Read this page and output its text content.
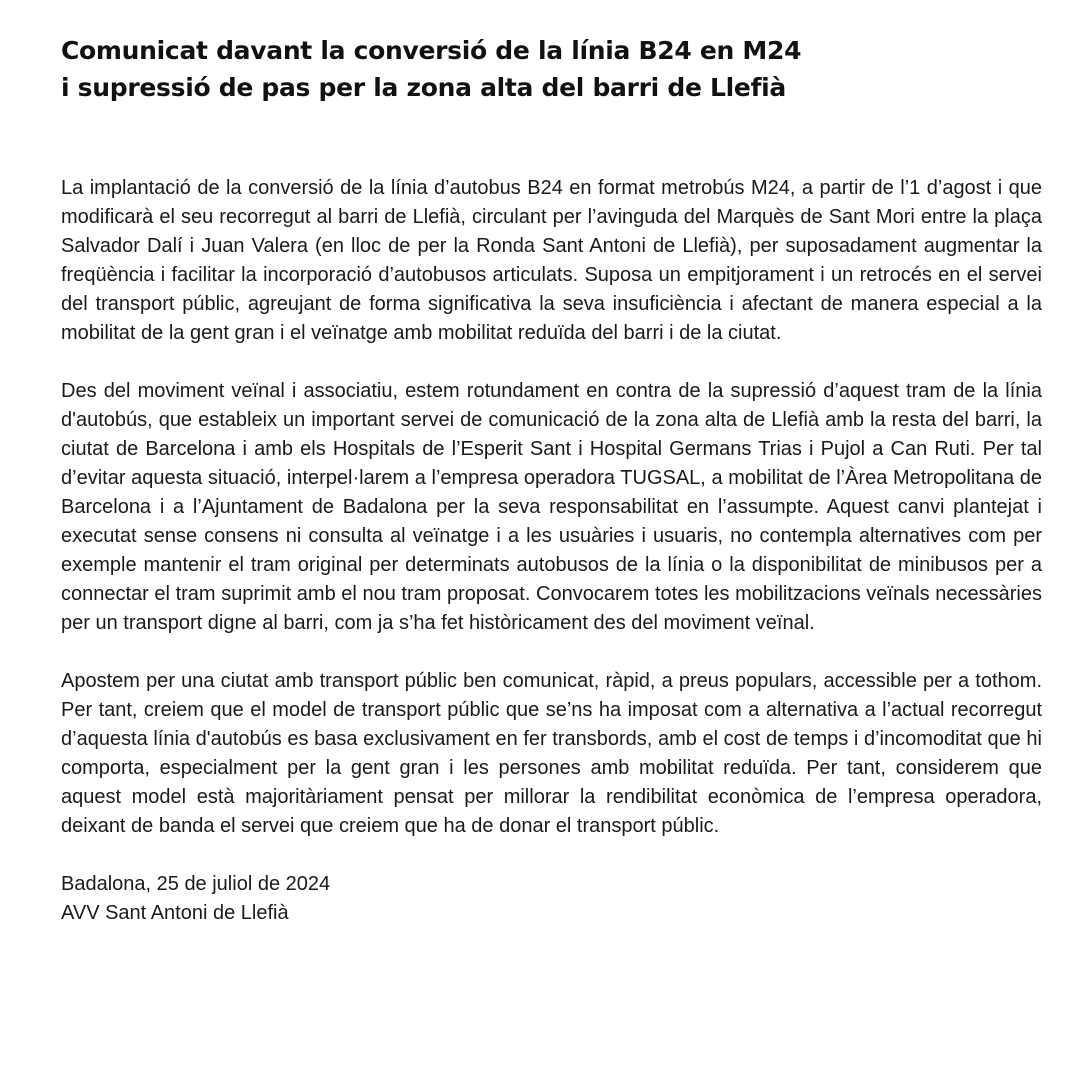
Comunicat davant la conversió de la línia B24 en M24
i supressió de pas per la zona alta del barri de Llefià

La implantació de la conversió de la línia d’autobus B24 en format metrobús M24, a partir de l’1 d’agost i que modificarà el seu recorregut al barri de Llefià, circulant per l’avinguda del Marquès de Sant Mori entre la plaça Salvador Dalí i Juan Valera (en lloc de per la Ronda Sant Antoni de Llefià), per suposadament augmentar la freqüència i facilitar la incorporació d’autobusos articulats. Suposa un empitjorament i un retrocés en el servei del transport públic, agreujant de forma significativa la seva insuficiència i afectant de manera especial a la mobilitat de la gent gran i el veïnatge amb mobilitat reduïda del barri i de la ciutat.

Des del moviment veïnal i associatiu, estem rotundament en contra de la supressió d’aquest tram de la línia d'autobús, que estableix un important servei de comunicació de la zona alta de Llefià amb la resta del barri, la ciutat de Barcelona i amb els Hospitals de l’Esperit Sant i Hospital Germans Trias i Pujol a Can Ruti. Per tal d’evitar aquesta situació, interpel·larem a l’empresa operadora TUGSAL, a mobilitat de l’Àrea Metropolitana de Barcelona i a l’Ajuntament de Badalona per la seva responsabilitat en l’assumpte. Aquest canvi plantejat i executat sense consens ni consulta al veïnatge i a les usuàries i usuaris, no contempla alternatives com per exemple mantenir el tram original per determinats autobusos de la línia o la disponibilitat de minibusos per a connectar el tram suprimit amb el nou tram proposat. Convocarem totes les mobilitzacions veïnals necessàries per un transport digne al barri, com ja s’ha fet històricament des del moviment veïnal.

Apostem per una ciutat amb transport públic ben comunicat, ràpid, a preus populars, accessible per a tothom. Per tant, creiem que el model de transport públic que se’ns ha imposat com a alternativa a l’actual recorregut d’aquesta línia d'autobús es basa exclusivament en fer transbords, amb el cost de temps i d’incomoditat que hi comporta, especialment per la gent gran i les persones amb mobilitat reduïda. Per tant, considerem que aquest model està majoritàriament pensat per millorar la rendibilitat econòmica de l’empresa operadora, deixant de banda el servei que creiem que ha de donar el transport públic.

Badalona, 25 de juliol de 2024
AVV Sant Antoni de Llefià
